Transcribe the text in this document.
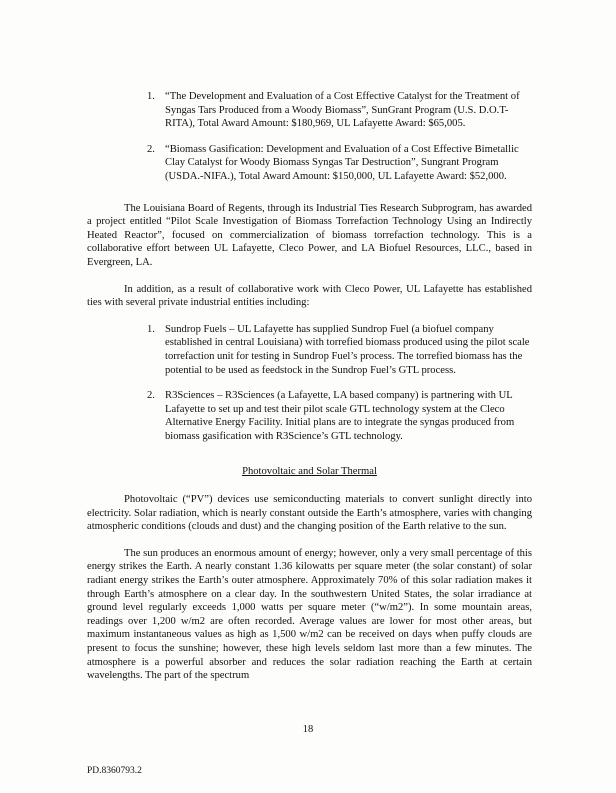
1. “The Development and Evaluation of a Cost Effective Catalyst for the Treatment of Syngas Tars Produced from a Woody Biomass”, SunGrant Program (U.S. D.O.T-RITA), Total Award Amount: $180,969, UL Lafayette Award: $65,005.
2. “Biomass Gasification: Development and Evaluation of a Cost Effective Bimetallic Clay Catalyst for Woody Biomass Syngas Tar Destruction”, Sungrant Program (USDA.-NIFA.), Total Award Amount: $150,000, UL Lafayette Award: $52,000.

The Louisiana Board of Regents, through its Industrial Ties Research Subprogram, has awarded a project entitled “Pilot Scale Investigation of Biomass Torrefaction Technology Using an Indirectly Heated Reactor”, focused on commercialization of biomass torrefaction technology. This is a collaborative effort between UL Lafayette, Cleco Power, and LA Biofuel Resources, LLC., based in Evergreen, LA.

In addition, as a result of collaborative work with Cleco Power, UL Lafayette has established ties with several private industrial entities including:

1. Sundrop Fuels – UL Lafayette has supplied Sundrop Fuel (a biofuel company established in central Louisiana) with torrefied biomass produced using the pilot scale torrefaction unit for testing in Sundrop Fuel’s process. The torrefied biomass has the potential to be used as feedstock in the Sundrop Fuel’s GTL process.
2. R3Sciences – R3Sciences (a Lafayette, LA based company) is partnering with UL Lafayette to set up and test their pilot scale GTL technology system at the Cleco Alternative Energy Facility. Initial plans are to integrate the syngas produced from biomass gasification with R3Science’s GTL technology.
Photovoltaic and Solar Thermal

Photovoltaic (“PV”) devices use semiconducting materials to convert sunlight directly into electricity. Solar radiation, which is nearly constant outside the Earth’s atmosphere, varies with changing atmospheric conditions (clouds and dust) and the changing position of the Earth relative to the sun.

The sun produces an enormous amount of energy; however, only a very small percentage of this energy strikes the Earth. A nearly constant 1.36 kilowatts per square meter (the solar constant) of solar radiant energy strikes the Earth’s outer atmosphere. Approximately 70% of this solar radiation makes it through Earth’s atmosphere on a clear day. In the southwestern United States, the solar irradiance at ground level regularly exceeds 1,000 watts per square meter (“w/m2”). In some mountain areas, readings over 1,200 w/m2 are often recorded. Average values are lower for most other areas, but maximum instantaneous values as high as 1,500 w/m2 can be received on days when puffy clouds are present to focus the sunshine; however, these high levels seldom last more than a few minutes. The atmosphere is a powerful absorber and reduces the solar radiation reaching the Earth at certain wavelengths. The part of the spectrum

18
PD.8360793.2
